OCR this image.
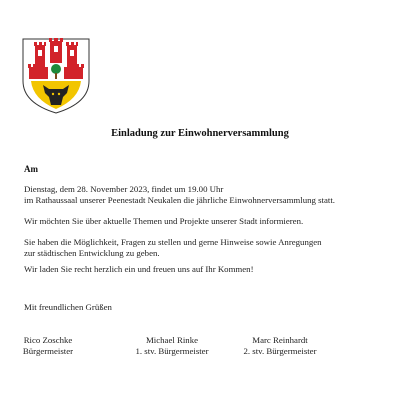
Einladung zur Einwohnerversammlung
Am
Dienstag, dem 28. November 2023, findet um 19.00 Uhr
im Rathaussaal unserer Peenestadt Neukalen die jährliche Einwohnerversammlung statt.
Wir möchten Sie über aktuelle Themen und Projekte unserer Stadt informieren.
Sie haben die Möglichkeit, Fragen zu stellen und gerne Hinweise sowie Anregungen
zur städtischen Entwicklung zu geben.
Wir laden Sie recht herzlich ein und freuen uns auf Ihr Kommen!
Mit freundlichen Grüßen
Rico Zoschke
Bürgermeister
Michael Rinke
1. stv. Bürgermeister
Marc Reinhardt
2. stv. Bürgermeister
